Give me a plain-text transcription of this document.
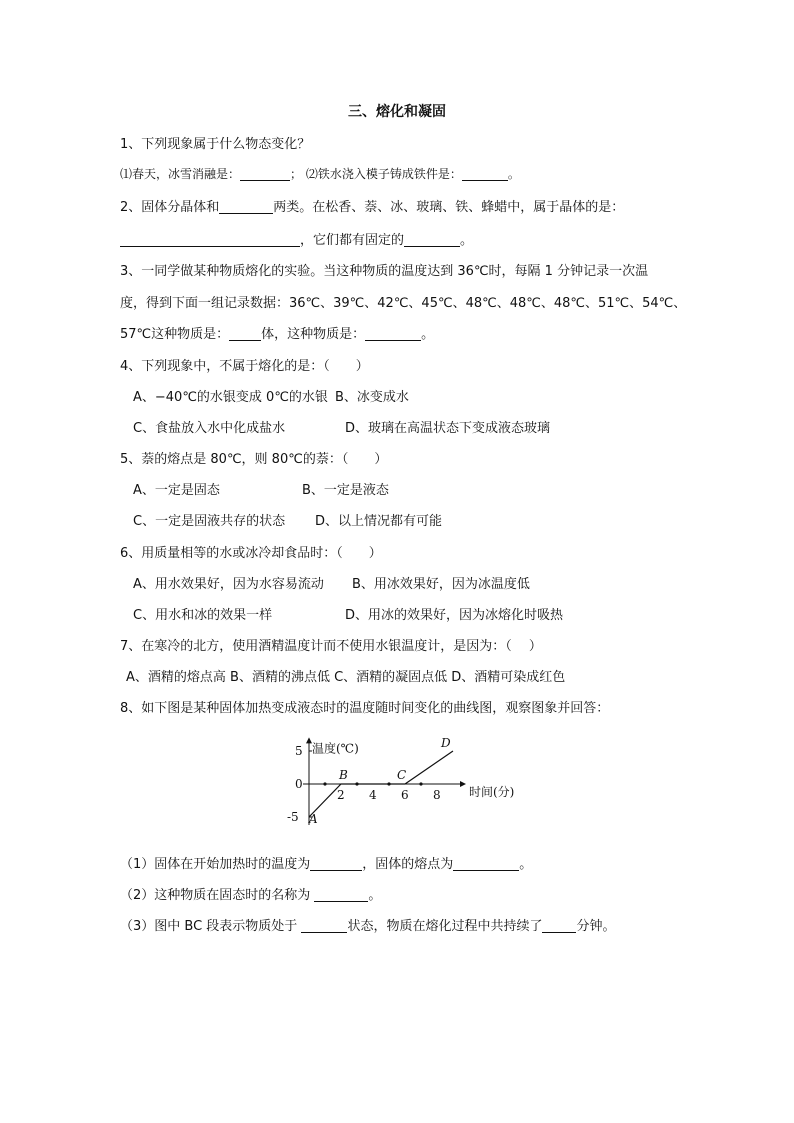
三、熔化和凝固
1、下列现象属于什么物态变化？
⑴春天，冰雪消融是：	； ⑵铁水浇入模子铸成铁件是：	。
2、固体分晶体和	两类。在松香、萘、冰、玻璃、铁、蜂蜡中，属于晶体的是：
，它们都有固定的	。
3、一同学做某种物质熔化的实验。当这种物质的温度达到 36℃时，每隔 1 分钟记录一次温
度，得到下面一组记录数据：36℃、39℃、42℃、45℃、48℃、48℃、48℃、51℃、54℃、
57℃这种物质是： 体，这种物质是：	。
4、下列现象中，不属于熔化的是：（　　）
A、−40℃的水银变成 0℃的水银 B、冰变成水
C、食盐放入水中化成盐水	D、玻璃在高温状态下变成液态玻璃
5、萘的熔点是 80℃，则 80℃的萘：（　　）
A、一定是固态	B、一定是液态
C、一定是固液共存的状态 D、以上情况都有可能
6、用质量相等的水或冰冷却食品时：（　　）
A、用水效果好，因为水容易流动 B、用冰效果好，因为冰温度低
C、用水和冰的效果一样	D、用冰的效果好，因为冰熔化时吸热
7、在寒冷的北方，使用酒精温度计而不使用水银温度计，是因为：（　 ）
A、酒精的熔点高 B、酒精的沸点低 C、酒精的凝固点低 D、酒精可染成红色
8、如下图是某种固体加热变成液态时的温度随时间变化的曲线图，观察图象并回答：
2 4 6 8
5
0
-5 A
B	C
D
温度(℃)
时间(分)
（1）固体在开始加热时的温度为	，固体的熔点为	。
（2）这种物质在固态时的名称为	。
（3）图中 BC 段表示物质处于	状态，物质在熔化过程中共持续了	分钟。
